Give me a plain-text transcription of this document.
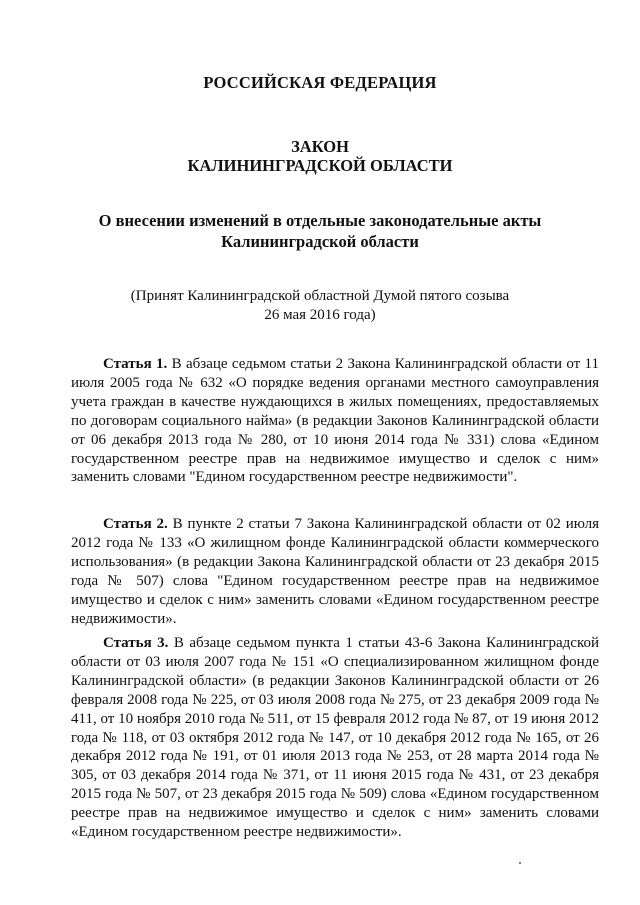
РОССИЙСКАЯ ФЕДЕРАЦИЯ
ЗАКОН
КАЛИНИНГРАДСКОЙ ОБЛАСТИ
О внесении изменений в отдельные законодательные акты
Калининградской области
(Принят Калининградской областной Думой пятого созыва
26 мая 2016 года)

Статья 1. В абзаце седьмом статьи 2 Закона Калининградской области от 11 июля 2005 года № 632 «О порядке ведения органами местного самоуправления учета граждан в качестве нуждающихся в жилых помещениях, предоставляемых по договорам социального найма» (в редакции Законов Калининградской области от 06 декабря 2013 года № 280, от 10 июня 2014 года № 331) слова «Едином государственном реестре прав на недвижимое имущество и сделок с ним» заменить словами "Едином государственном реестре недвижимости".

Статья 2. В пункте 2 статьи 7 Закона Калининградской области от 02 июля 2012 года № 133 «О жилищном фонде Калининградской области коммерческого использования» (в редакции Закона Калининградской области от 23 декабря 2015 года № 507) слова "Едином государственном реестре прав на недвижимое имущество и сделок с ним» заменить словами «Едином государственном реестре недвижимости».

Статья 3. В абзаце седьмом пункта 1 статьи 43-6 Закона Калининградской области от 03 июля 2007 года № 151 «О специализированном жилищном фонде Калининградской области» (в редакции Законов Калининградской области от 26 февраля 2008 года № 225, от 03 июля 2008 года № 275, от 23 декабря 2009 года № 411, от 10 ноября 2010 года № 511, от 15 февраля 2012 года № 87, от 19 июня 2012 года № 118, от 03 октября 2012 года № 147, от 10 декабря 2012 года № 165, от 26 декабря 2012 года № 191, от 01 июля 2013 года № 253, от 28 марта 2014 года № 305, от 03 декабря 2014 года № 371, от 11 июня 2015 года № 431, от 23 декабря 2015 года № 507, от 23 декабря 2015 года № 509) слова «Едином государственном реестре прав на недвижимое имущество и сделок с ним» заменить словами «Едином государственном реестре недвижимости».
